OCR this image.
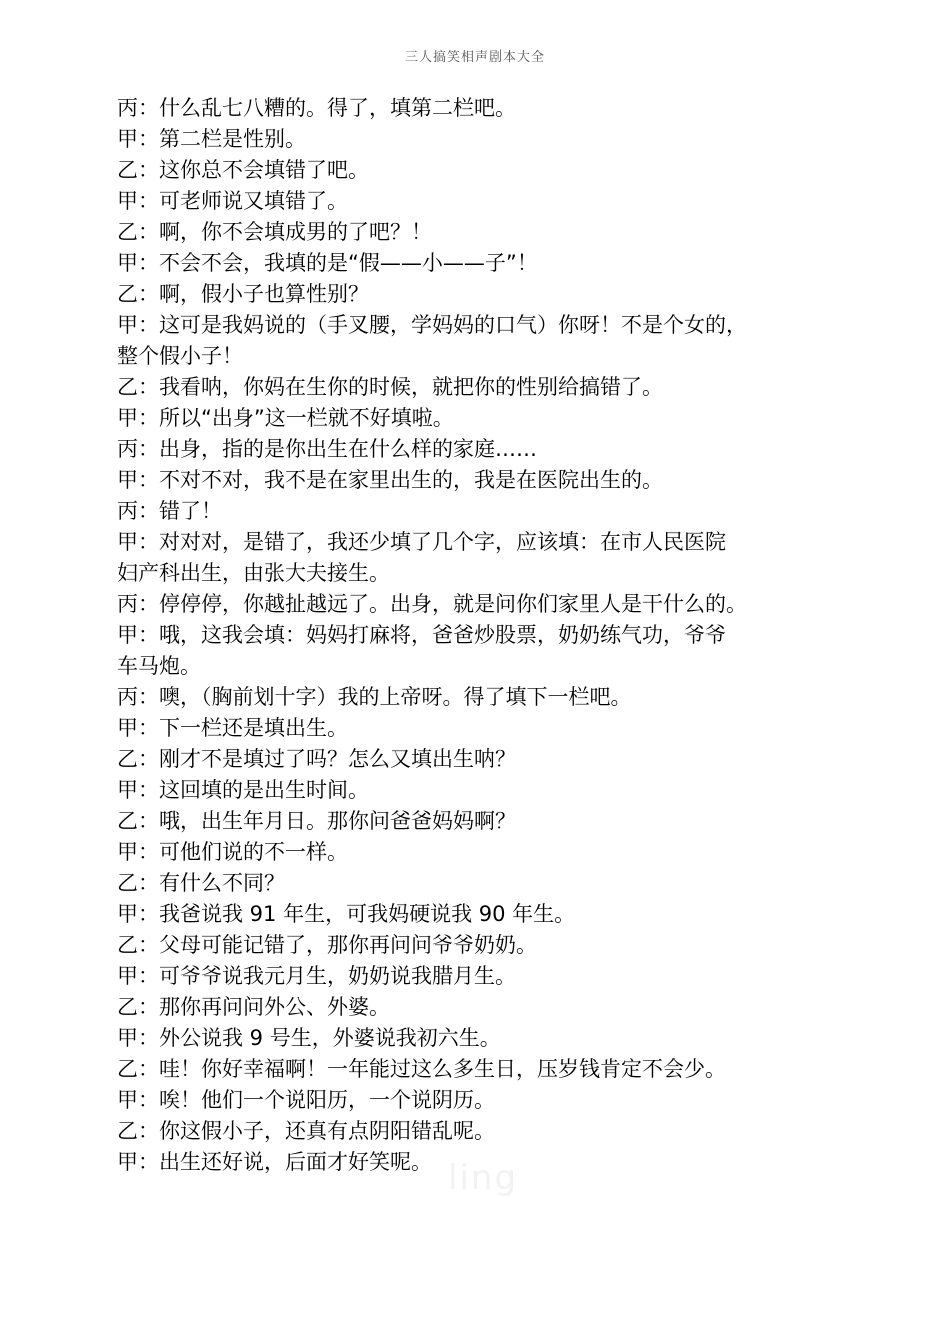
三人搞笑相声剧本大全
丙：什么乱七八糟的。得了，填第二栏吧。
甲：第二栏是性别。
乙：这你总不会填错了吧。
甲：可老师说又填错了。
乙：啊，你不会填成男的了吧？！
甲：不会不会，我填的是“假——小——子”！
乙：啊，假小子也算性别？
甲：这可是我妈说的（手叉腰，学妈妈的口气）你呀！不是个女的，
整个假小子！
乙：我看呐，你妈在生你的时候，就把你的性别给搞错了。
甲：所以“出身”这一栏就不好填啦。
丙：出身，指的是你出生在什么样的家庭……
甲：不对不对，我不是在家里出生的，我是在医院出生的。
丙：错了！
甲：对对对，是错了，我还少填了几个字，应该填：在市人民医院
妇产科出生，由张大夫接生。
丙：停停停，你越扯越远了。出身，就是问你们家里人是干什么的。
甲：哦，这我会填：妈妈打麻将，爸爸炒股票，奶奶练气功，爷爷
车马炮。
丙：噢，（胸前划十字）我的上帝呀。得了填下一栏吧。
甲：下一栏还是填出生。
乙：刚才不是填过了吗？怎么又填出生呐？
甲：这回填的是出生时间。
乙：哦，出生年月日。那你问爸爸妈妈啊？
甲：可他们说的不一样。
乙：有什么不同？
甲：我爸说我 91 年生，可我妈硬说我 90 年生。
乙：父母可能记错了，那你再问问爷爷奶奶。
甲：可爷爷说我元月生，奶奶说我腊月生。
乙：那你再问问外公、外婆。
甲：外公说我 9 号生，外婆说我初六生。
乙：哇！你好幸福啊！一年能过这么多生日，压岁钱肯定不会少。
甲：唉！他们一个说阳历，一个说阴历。
乙：你这假小子，还真有点阴阳错乱呢。
甲：出生还好说，后面才好笑呢。 ling
